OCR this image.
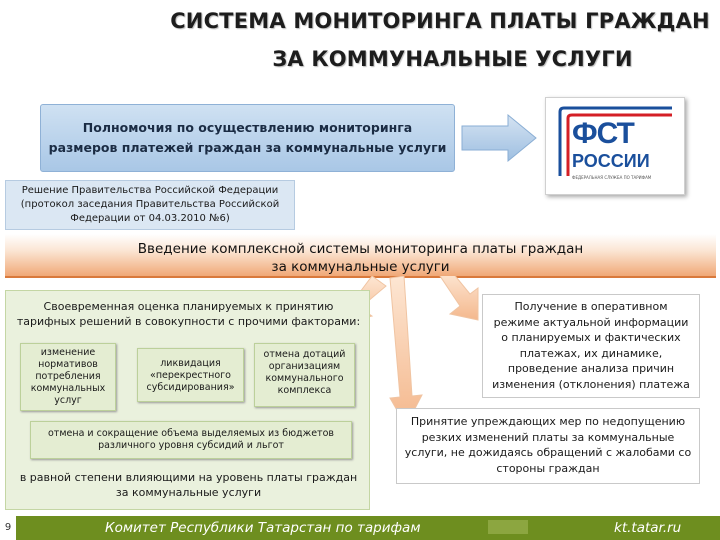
СИСТЕМА МОНИТОРИНГА ПЛАТЫ ГРАЖДАН
ЗА КОММУНАЛЬНЫЕ УСЛУГИ
Полномочия по осуществлению мониторинга
размеров платежей граждан за коммунальные услуги	ФСТ
РОССИИ
ФЕДЕРАЛЬНАЯ СЛУЖБА ПО ТАРИФАМ
Решение Правительства Российской Федерации
(протокол заседания Правительства Российской
Федерации от 04.03.2010 №6)
Введение комплексной системы мониторинга платы граждан
за коммунальные услуги
Своевременная оценка планируемых к принятию
тарифных решений в совокупности с прочими факторами:
изменение
нормативов
потребления
коммунальных
услуг
ликвидация
«перекрестного
субсидирования»
отмена дотаций
организациям
коммунального
комплекса
отмена и сокращение объема выделяемых из бюджетов
различного уровня субсидий и льгот
в равной степени влияющими на уровень платы граждан
за коммунальные услуги
Получение в оперативном
режиме актуальной информации
о планируемых и фактических
платежах, их динамике,
проведение анализа причин
изменения (отклонения) платежа
Принятие упреждающих мер по недопущению
резких изменений платы за коммунальные
услуги, не дожидаясь обращений с жалобами со
стороны граждан
9	Комитет Республики Татарстан по тарифам	kt.tatar.ru
